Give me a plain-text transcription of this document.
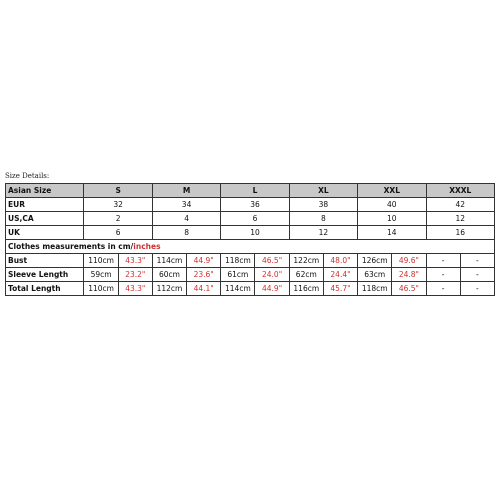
Size Details:
Asian Size	S		M		L		XL		XXL		XXXL	
EUR	32		34		36		38		40		42	
US,CA	2		4		6		8		10		12	
UK	6		8		10		12		14		16	
Clothes measurements in cm/inches												
Bust	110cm	43.3"	114cm	44.9"	118cm	46.5"	122cm	48.0"	126cm	49.6"	-	-
Sleeve Length	59cm	23.2"	60cm	23.6"	61cm	24.0"	62cm	24.4"	63cm	24.8"	-	-
Total Length	110cm	43.3"	112cm	44.1"	114cm	44.9"	116cm	45.7"	118cm	46.5"	-	-
